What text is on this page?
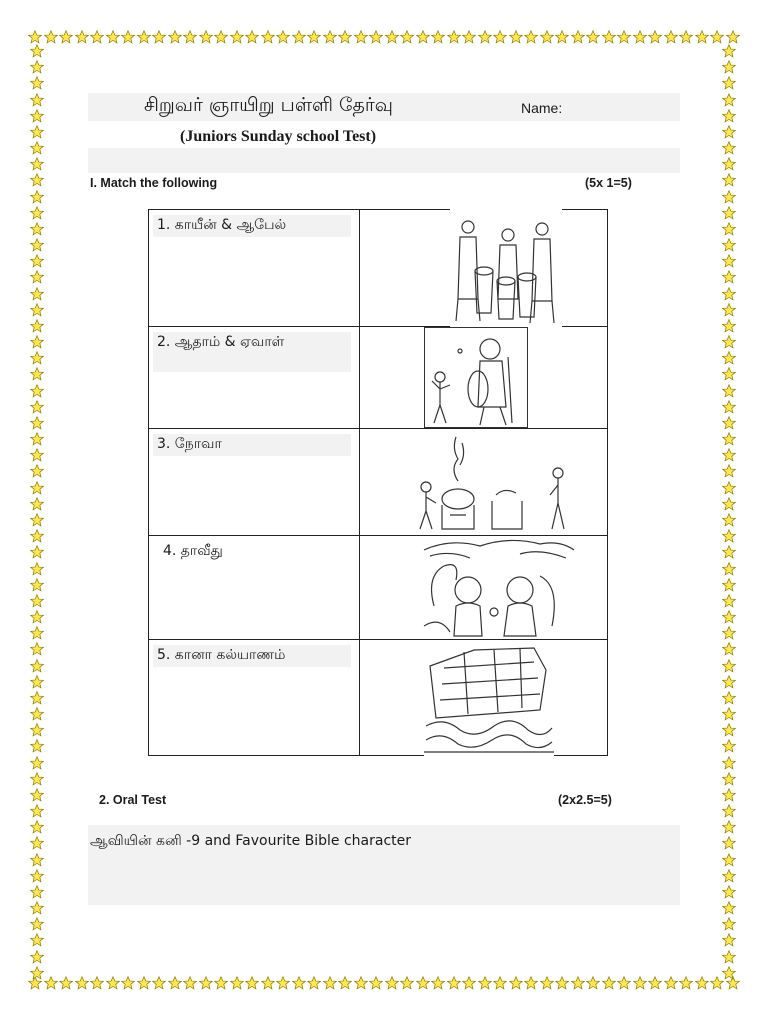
சிறுவர் ஞாயிறு பள்ளி தேர்வு	Name:
(Juniors Sunday school Test)
I. Match the following	(5x 1=5)
1. காயீன் & ஆபேல்	

2. ஆதாம் & ஏவாள்	

3. நோவா	

4. தாவீது	

5. கானா கல்யாணம்	
2. Oral Test	(2x2.5=5)
ஆவியின் கனி -9 and Favourite Bible character
